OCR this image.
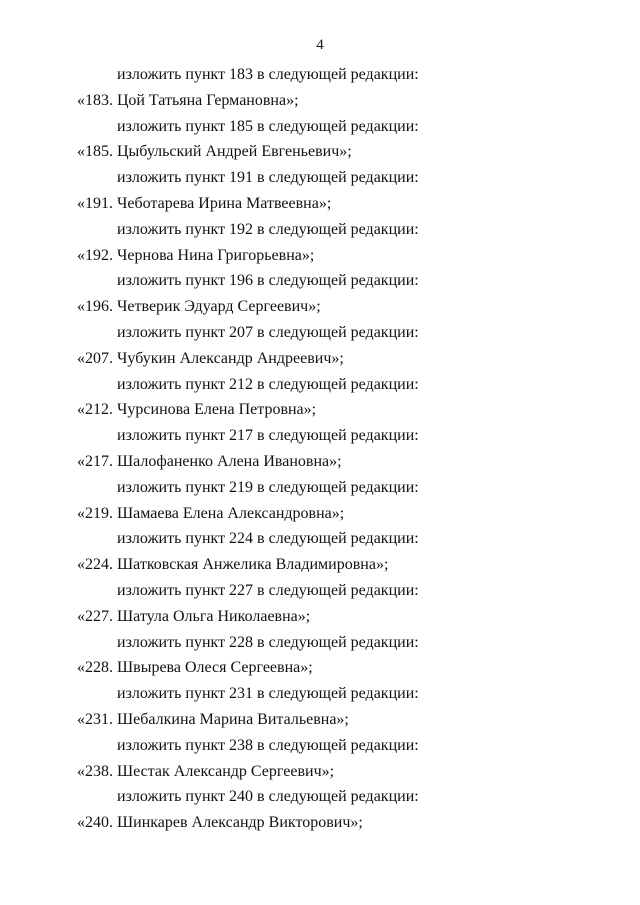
4
изложить пункт 183 в следующей редакции:
«183. Цой Татьяна Германовна»;
изложить пункт 185 в следующей редакции:
«185. Цыбульский Андрей Евгеньевич»;
изложить пункт 191 в следующей редакции:
«191. Чеботарева Ирина Матвеевна»;
изложить пункт 192 в следующей редакции:
«192. Чернова Нина Григорьевна»;
изложить пункт 196 в следующей редакции:
«196. Четверик Эдуард Сергеевич»;
изложить пункт 207 в следующей редакции:
«207. Чубукин Александр Андреевич»;
изложить пункт 212 в следующей редакции:
«212. Чурсинова Елена Петровна»;
изложить пункт 217 в следующей редакции:
«217. Шалофаненко Алена Ивановна»;
изложить пункт 219 в следующей редакции:
«219. Шамаева Елена Александровна»;
изложить пункт 224 в следующей редакции:
«224. Шатковская Анжелика Владимировна»;
изложить пункт 227 в следующей редакции:
«227. Шатула Ольга Николаевна»;
изложить пункт 228 в следующей редакции:
«228. Швырева Олеся Сергеевна»;
изложить пункт 231 в следующей редакции:
«231. Шебалкина Марина Витальевна»;
изложить пункт 238 в следующей редакции:
«238. Шестак Александр Сергеевич»;
изложить пункт 240 в следующей редакции:
«240. Шинкарев Александр Викторович»;
